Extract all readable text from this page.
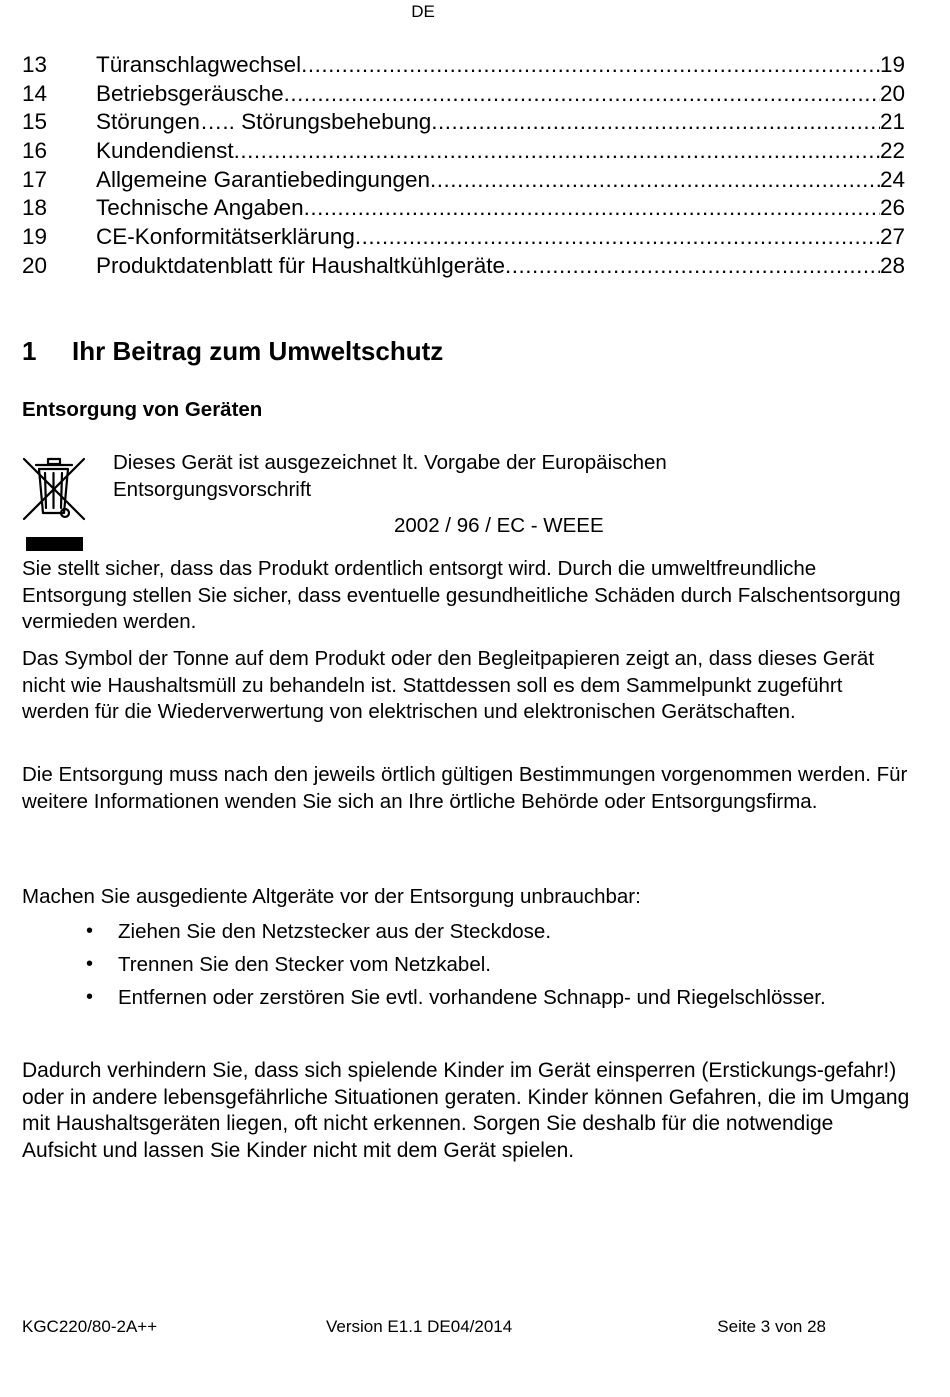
DE
13	Türanschlagwechsel .....	19
14	Betriebsgeräusche .....	20
15	Störungen….. Störungsbehebung .....	21
16	Kundendienst .....	22
17	Allgemeine Garantiebedingungen .....	24
18	Technische Angaben .....	26
19	CE-Konformitätserklärung .....	27
20	Produktdatenblatt für Haushaltkühlgeräte .....	28
1	Ihr Beitrag zum Umweltschutz
Entsorgung von Geräten
Dieses Gerät ist ausgezeichnet lt. Vorgabe der Europäischen Entsorgungsvorschrift
2002 / 96 / EC - WEEE

Sie stellt sicher, dass das Produkt ordentlich entsorgt wird. Durch die umweltfreundliche Entsorgung stellen Sie sicher, dass eventuelle gesundheitliche Schäden durch Falschentsorgung vermieden werden.

Das Symbol der Tonne auf dem Produkt oder den Begleitpapieren zeigt an, dass dieses Gerät nicht wie Haushaltsmüll zu behandeln ist. Stattdessen soll es dem Sammelpunkt zugeführt werden für die Wiederverwertung von elektrischen und elektronischen Gerätschaften.

Die Entsorgung muss nach den jeweils örtlich gültigen Bestimmungen vorgenommen werden. Für weitere Informationen wenden Sie sich an Ihre örtliche Behörde oder Entsorgungsfirma.

Machen Sie ausgediente Altgeräte vor der Entsorgung unbrauchbar:

• Ziehen Sie den Netzstecker aus der Steckdose.
• Trennen Sie den Stecker vom Netzkabel.
• Entfernen oder zerstören Sie evtl. vorhandene Schnapp- und Riegelschlösser.

Dadurch verhindern Sie, dass sich spielende Kinder im Gerät einsperren (Erstickungs-gefahr!) oder in andere lebensgefährliche Situationen geraten. Kinder können Gefahren, die im Umgang mit Haushaltsgeräten liegen, oft nicht erkennen. Sorgen Sie deshalb für die notwendige Aufsicht und lassen Sie Kinder nicht mit dem Gerät spielen.

KGC220/80-2A++	Version E1.1 DE04/2014	Seite 3 von 28
